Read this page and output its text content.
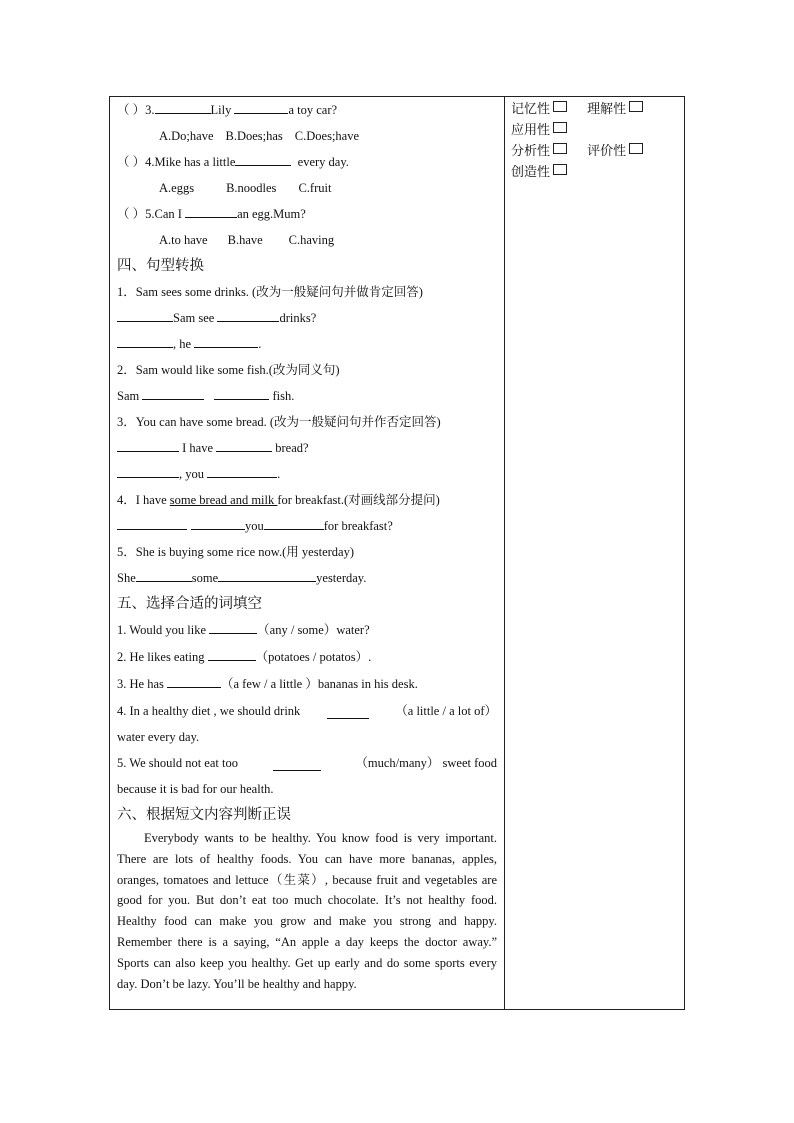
（ ）3.	Lily	a toy car?
A.Do;have B.Does;has C.Does;have
（ ）4.Mike has a little	every day.
A.eggs	B.noodles C.fruit
（ ）5.Can I	an egg.Mum?
A.to have B.have C.having
四、句型转换
1．Sam sees some drinks. (改为一般疑问句并做肯定回答)
Sam see	drinks?
, he	.
2．Sam would like some fish.(改为同义句)
Sam	fish.
3．You can have some bread. (改为一般疑问句并作否定回答)
I have	bread?
, you	.
4．I have some bread and milk for breakfast.(对画线部分提问)
you	for breakfast?
5．She is buying some rice now.(用 yesterday)
She	some	yesterday.
五、选择合适的词填空
1. Would you like	（any / some）water?
2. He likes eating	（potatoes / potatos）.
3. He has	（a few / a little ）bananas in his desk.
4. In a healthy diet , we should drink	（a little / a lot of）
water every day.
5. We should not eat too	（much/many） sweet food
because it is bad for our health.
六、根据短文内容判断正误
Everybody wants to be healthy. You know food is very important. There are lots of healthy foods. You can have more bananas, apples, oranges, tomatoes and lettuce（生菜）, because fruit and vegetables are good for you. But don’t eat too much chocolate. It’s not healthy food. Healthy food can make you grow and make you strong and happy. Remember there is a saying, “An apple a day keeps the doctor away.” Sports can also keep you healthy. Get up early and do some sports every day. Don’t be lazy. You’ll be healthy and happy.
记忆性	理解性
应用性
分析性	评价性
创造性
